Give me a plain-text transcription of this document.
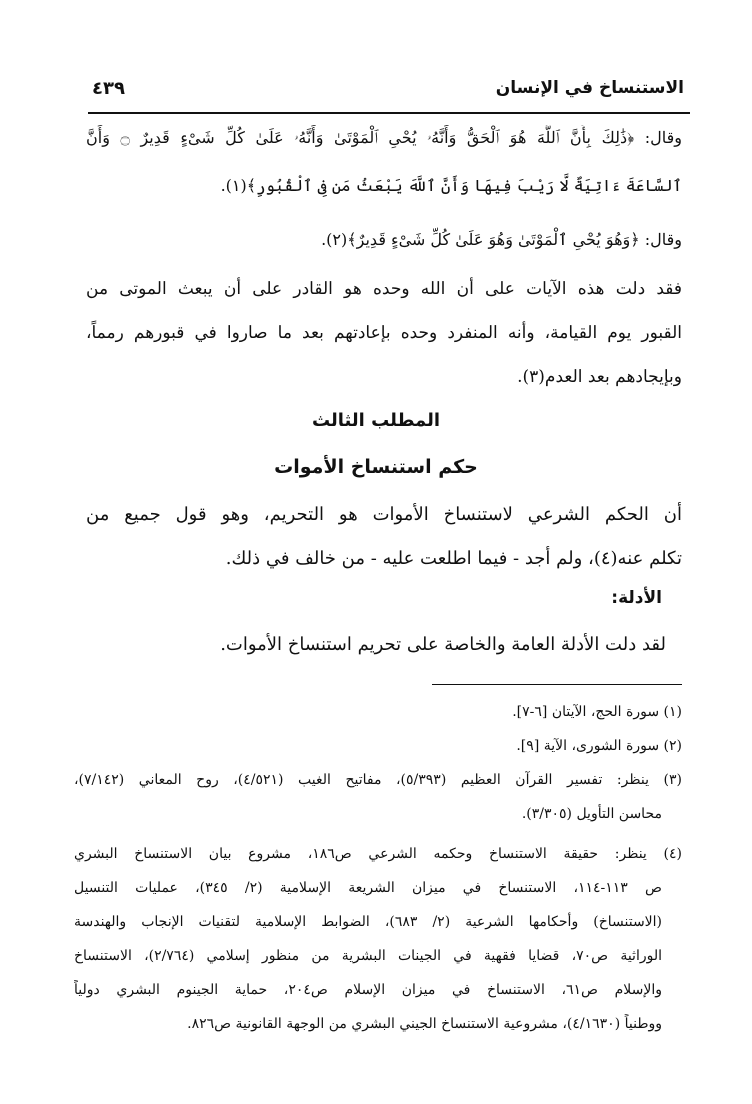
الاستنساخ في الإنسان
٤٣٩
وقال: ﴿ذَٰلِكَ بِأَنَّ ٱللَّهَ هُوَ ٱلْحَقُّ وَأَنَّهُۥ يُحْىِ ٱلْمَوْتَىٰ وَأَنَّهُۥ عَلَىٰ كُلِّ شَىْءٍ قَدِيرٌ ۝ وَأَنَّ
ٱلسَّاعَةَ ءَاتِيَةٌ لَّا رَيْبَ فِيهَا وَأَنَّ ٱللَّهَ يَبْعَثُ مَن فِى ٱلْقُبُورِ﴾(١).
وقال: ﴿وَهُوَ يُحْىِ ٱلْمَوْتَىٰ وَهُوَ عَلَىٰ كُلِّ شَىْءٍ قَدِيرٌ﴾(٢).
فقد دلت هذه الآيات على أن الله وحده هو القادر على أن يبعث الموتى من
القبور يوم القيامة، وأنه المنفرد وحده بإعادتهم بعد ما صاروا في قبورهم رمماً،
وبإيجادهم بعد العدم(٣).
المطلب الثالث
حكم استنساخ الأموات
أن الحكم الشرعي لاستنساخ الأموات هو التحريم، وهو قول جميع من
تكلم عنه(٤)، ولم أجد - فيما اطلعت عليه - من خالف في ذلك.
الأدلة:
لقد دلت الأدلة العامة والخاصة على تحريم استنساخ الأموات.
(١) سورة الحج، الآيتان [٦-٧].
(٢) سورة الشورى، الآية [٩].
(٣) ينظر: تفسير القرآن العظيم (٥/٣٩٣)، مفاتيح الغيب (٤/٥٢١)، روح المعاني (٧/١٤٢)،
محاسن التأويل (٣/٣٠٥).
(٤) ينظر: حقيقة الاستنساخ وحكمه الشرعي ص١٨٦، مشروع بيان الاستنساخ البشري
ص ١١٣-١١٤، الاستنساخ في ميزان الشريعة الإسلامية (٢/ ٣٤٥)، عمليات التنسيل
(الاستنساخ) وأحكامها الشرعية (٢/ ٦٨٣)، الضوابط الإسلامية لتقنيات الإنجاب والهندسة
الوراثية ص٧٠، قضايا فقهية في الجينات البشرية من منظور إسلامي (٢/٧٦٤)، الاستنساخ
والإسلام ص٦١، الاستنساخ في ميزان الإسلام ص٢٠٤، حماية الجينوم البشري دولياً
ووطنياً (٤/١٦٣٠)، مشروعية الاستنساخ الجيني البشري من الوجهة القانونية ص٨٢٦.
